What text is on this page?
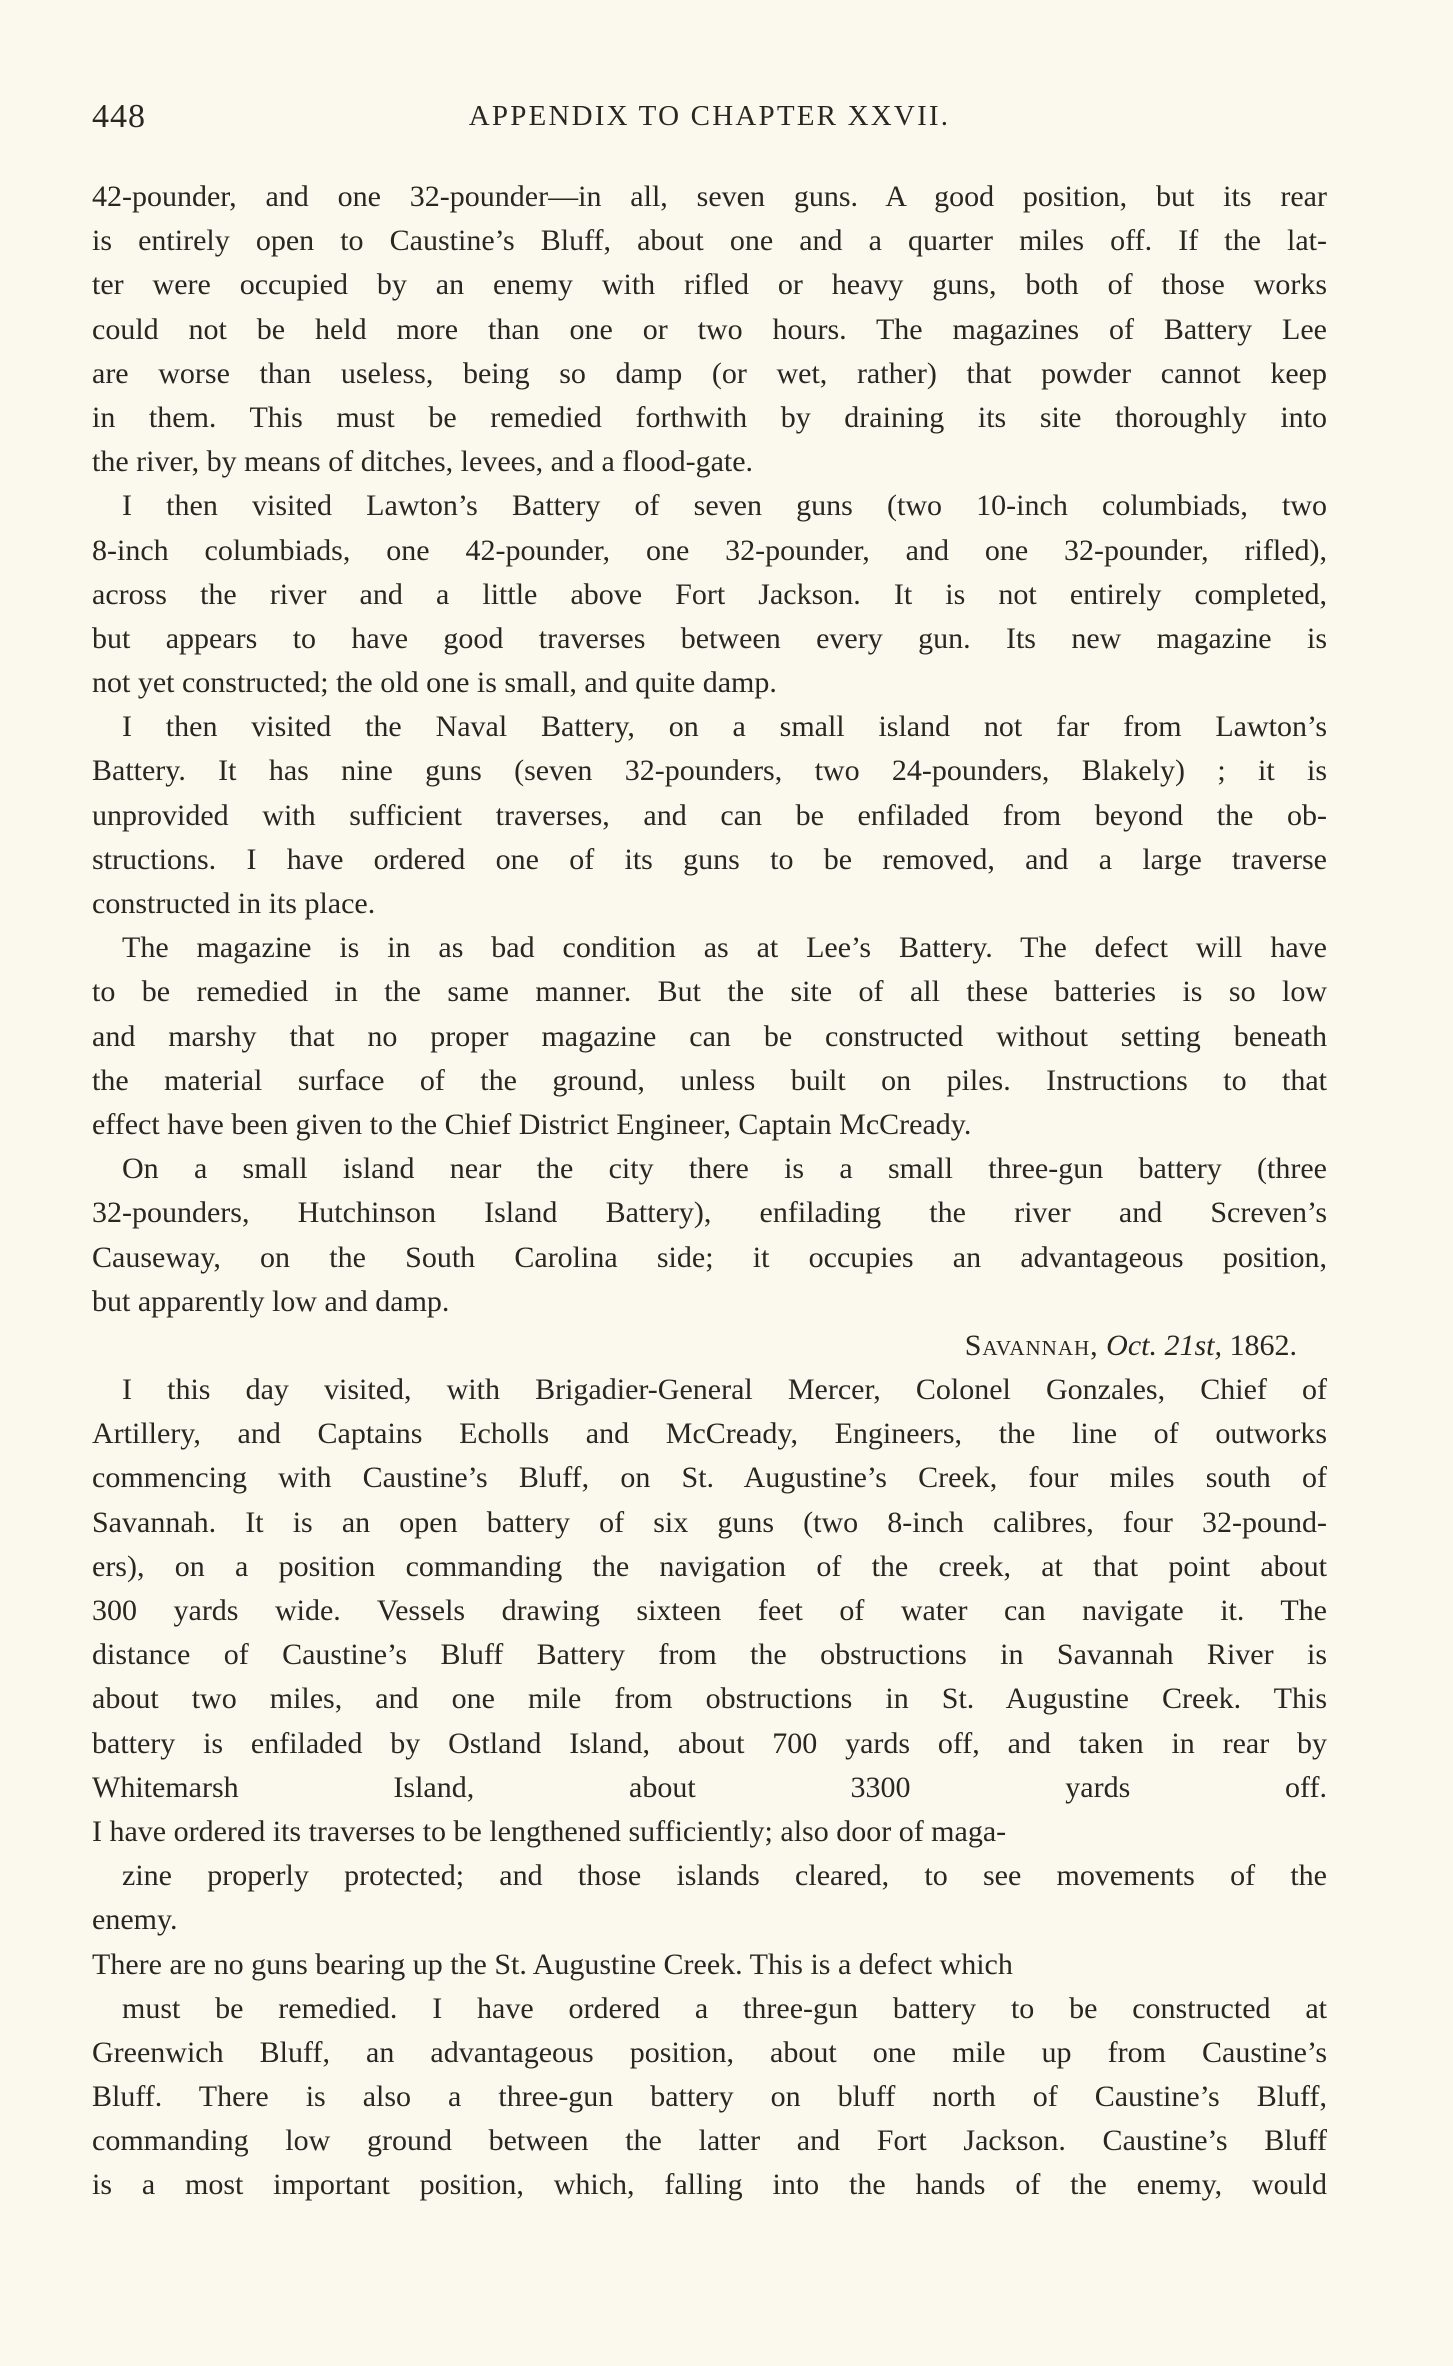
448	APPENDIX TO CHAPTER XXVII.
42-pounder, and one 32-pounder—in all, seven guns. A good position, but its rear
is entirely open to Caustine’s Bluff, about one and a quarter miles off. If the lat-
ter were occupied by an enemy with rifled or heavy guns, both of those works
could not be held more than one or two hours. The magazines of Battery Lee
are worse than useless, being so damp (or wet, rather) that powder cannot keep
in them. This must be remedied forthwith by draining its site thoroughly into
the river, by means of ditches, levees, and a flood-gate.
I then visited Lawton’s Battery of seven guns (two 10-inch columbiads, two
8-inch columbiads, one 42-pounder, one 32-pounder, and one 32-pounder, rifled),
across the river and a little above Fort Jackson. It is not entirely completed,
but appears to have good traverses between every gun. Its new magazine is
not yet constructed; the old one is small, and quite damp.
I then visited the Naval Battery, on a small island not far from Lawton’s
Battery. It has nine guns (seven 32-pounders, two 24-pounders, Blakely) ; it is
unprovided with sufficient traverses, and can be enfiladed from beyond the ob-
structions. I have ordered one of its guns to be removed, and a large traverse
constructed in its place.
The magazine is in as bad condition as at Lee’s Battery. The defect will have
to be remedied in the same manner. But the site of all these batteries is so low
and marshy that no proper magazine can be constructed without setting beneath
the material surface of the ground, unless built on piles. Instructions to that
effect have been given to the Chief District Engineer, Captain McCready.
On a small island near the city there is a small three-gun battery (three
32-pounders, Hutchinson Island Battery), enfilading the river and Screven’s
Causeway, on the South Carolina side; it occupies an advantageous position,
but apparently low and damp.
Savannah, Oct. 21st, 1862.
I this day visited, with Brigadier-General Mercer, Colonel Gonzales, Chief of
Artillery, and Captains Echolls and McCready, Engineers, the line of outworks
commencing with Caustine’s Bluff, on St. Augustine’s Creek, four miles south of
Savannah. It is an open battery of six guns (two 8-inch calibres, four 32-pound-
ers), on a position commanding the navigation of the creek, at that point about
300 yards wide. Vessels drawing sixteen feet of water can navigate it. The
distance of Caustine’s Bluff Battery from the obstructions in Savannah River is
about two miles, and one mile from obstructions in St. Augustine Creek. This
battery is enfiladed by Ostland Island, about 700 yards off, and taken in rear by
Whitemarsh Island, about 3300 yards off.
I have ordered its traverses to be lengthened sufficiently; also door of maga-
zine properly protected; and those islands cleared, to see movements of the
enemy.
There are no guns bearing up the St. Augustine Creek. This is a defect which
must be remedied. I have ordered a three-gun battery to be constructed at
Greenwich Bluff, an advantageous position, about one mile up from Caustine’s
Bluff. There is also a three-gun battery on bluff north of Caustine’s Bluff,
commanding low ground between the latter and Fort Jackson. Caustine’s Bluff
is a most important position, which, falling into the hands of the enemy, would
